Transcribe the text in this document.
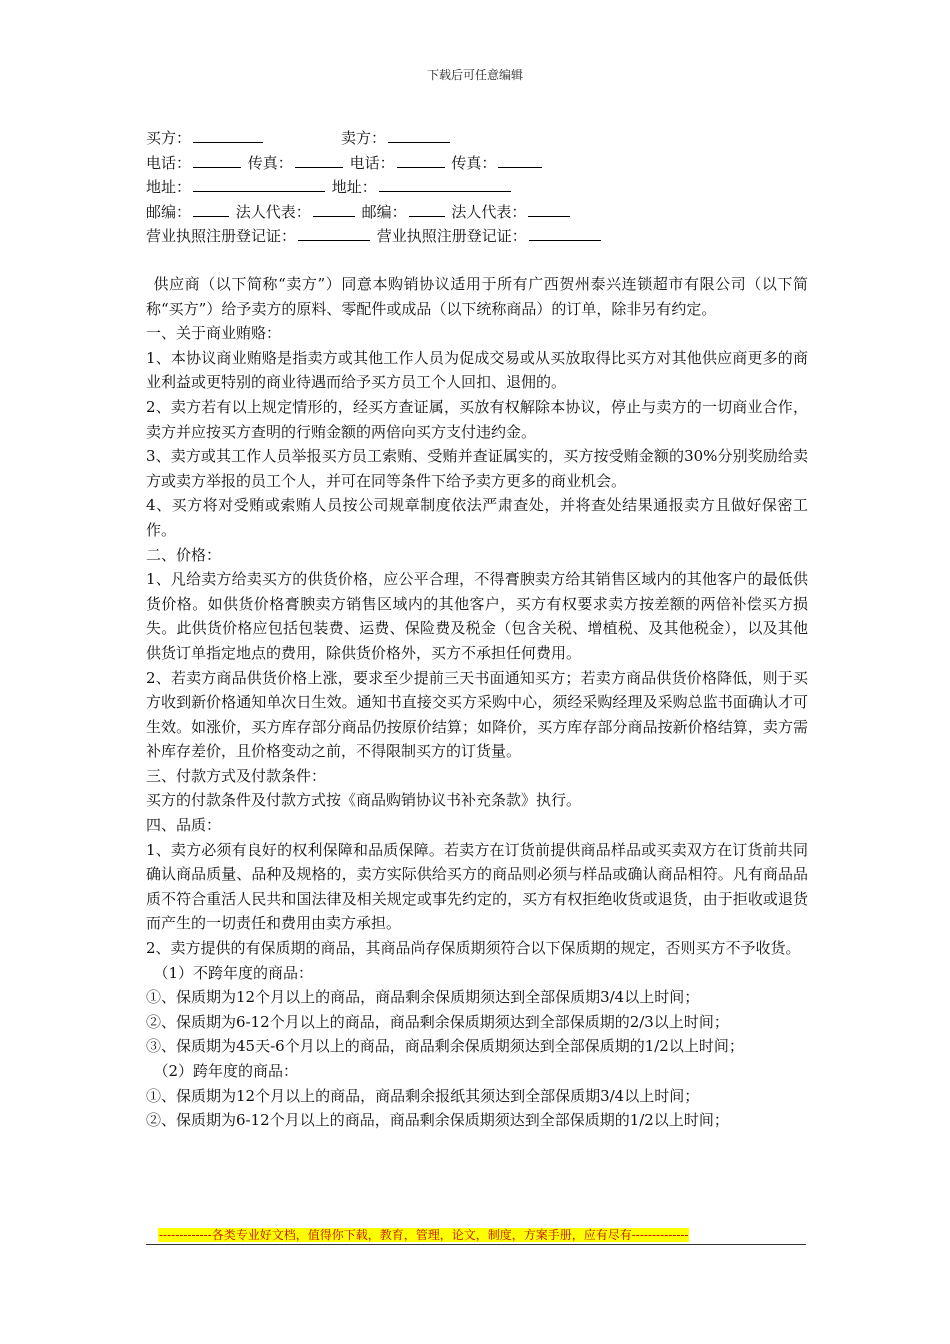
下载后可任意编辑
买方：	卖方：
电话：	传真：	电话：	传真：
地址：	地址：
邮编：	法人代表：	邮编：	法人代表：
营业执照注册登记证：	营业执照注册登记证：

供应商（以下简称“卖方”）同意本购销协议适用于所有广西贺州泰兴连锁超市有限公司（以下简称“买方”）给予卖方的原料、零配件或成品（以下统称商品）的订单，除非另有约定。

一、关于商业贿赂：

1、本协议商业贿赂是指卖方或其他工作人员为促成交易或从买放取得比买方对其他供应商更多的商业利益或更特别的商业待遇而给予买方员工个人回扣、退佣的。

2、卖方若有以上规定情形的，经买方查证属，买放有权解除本协议，停止与卖方的一切商业合作，卖方并应按买方查明的行贿金额的两倍向买方支付违约金。

3、卖方或其工作人员举报买方员工索贿、受贿并查证属实的，买方按受贿金额的30%分别奖励给卖方或卖方举报的员工个人，并可在同等条件下给予卖方更多的商业机会。

4、买方将对受贿或索贿人员按公司规章制度依法严肃查处，并将查处结果通报卖方且做好保密工作。

二、价格：

1、凡给卖方给卖买方的供货价格，应公平合理，不得膏腴卖方给其销售区域内的其他客户的最低供货价格。如供货价格膏腴卖方销售区域内的其他客户，买方有权要求卖方按差额的两倍补偿买方损失。此供货价格应包括包装费、运费、保险费及税金（包含关税、增植税、及其他税金），以及其他供货订单指定地点的费用，除供货价格外，买方不承担任何费用。

2、若卖方商品供货价格上涨，要求至少提前三天书面通知买方；若卖方商品供货价格降低，则于买方收到新价格通知单次日生效。通知书直接交买方采购中心，须经采购经理及采购总监书面确认才可生效。如涨价，买方库存部分商品仍按原价结算；如降价，买方库存部分商品按新价格结算，卖方需补库存差价，且价格变动之前，不得限制买方的订货量。

三、付款方式及付款条件：

买方的付款条件及付款方式按《商品购销协议书补充条款》执行。

四、品质：

1、卖方必须有良好的权利保障和品质保障。若卖方在订货前提供商品样品或买卖双方在订货前共同确认商品质量、品种及规格的，卖方实际供给买方的商品则必须与样品或确认商品相符。凡有商品品质不符合重活人民共和国法律及相关规定或事先约定的，买方有权拒绝收货或退货，由于拒收或退货而产生的一切责任和费用由卖方承担。

2、卖方提供的有保质期的商品，其商品尚存保质期须符合以下保质期的规定，否则买方不予收货。

（1）不跨年度的商品：

①、保质期为12个月以上的商品，商品剩余保质期须达到全部保质期3/4以上时间；

②、保质期为6-12个月以上的商品，商品剩余保质期须达到全部保质期的2/3以上时间；

③、保质期为45天-6个月以上的商品，商品剩余保质期须达到全部保质期的1/2以上时间；

（2）跨年度的商品：

①、保质期为12个月以上的商品，商品剩余报纸其须达到全部保质期3/4以上时间；

②、保质期为6-12个月以上的商品，商品剩余保质期须达到全部保质期的1/2以上时间；

-------------各类专业好文档，值得你下载，教育，管理，论文，制度，方案手册，应有尽有--------------
